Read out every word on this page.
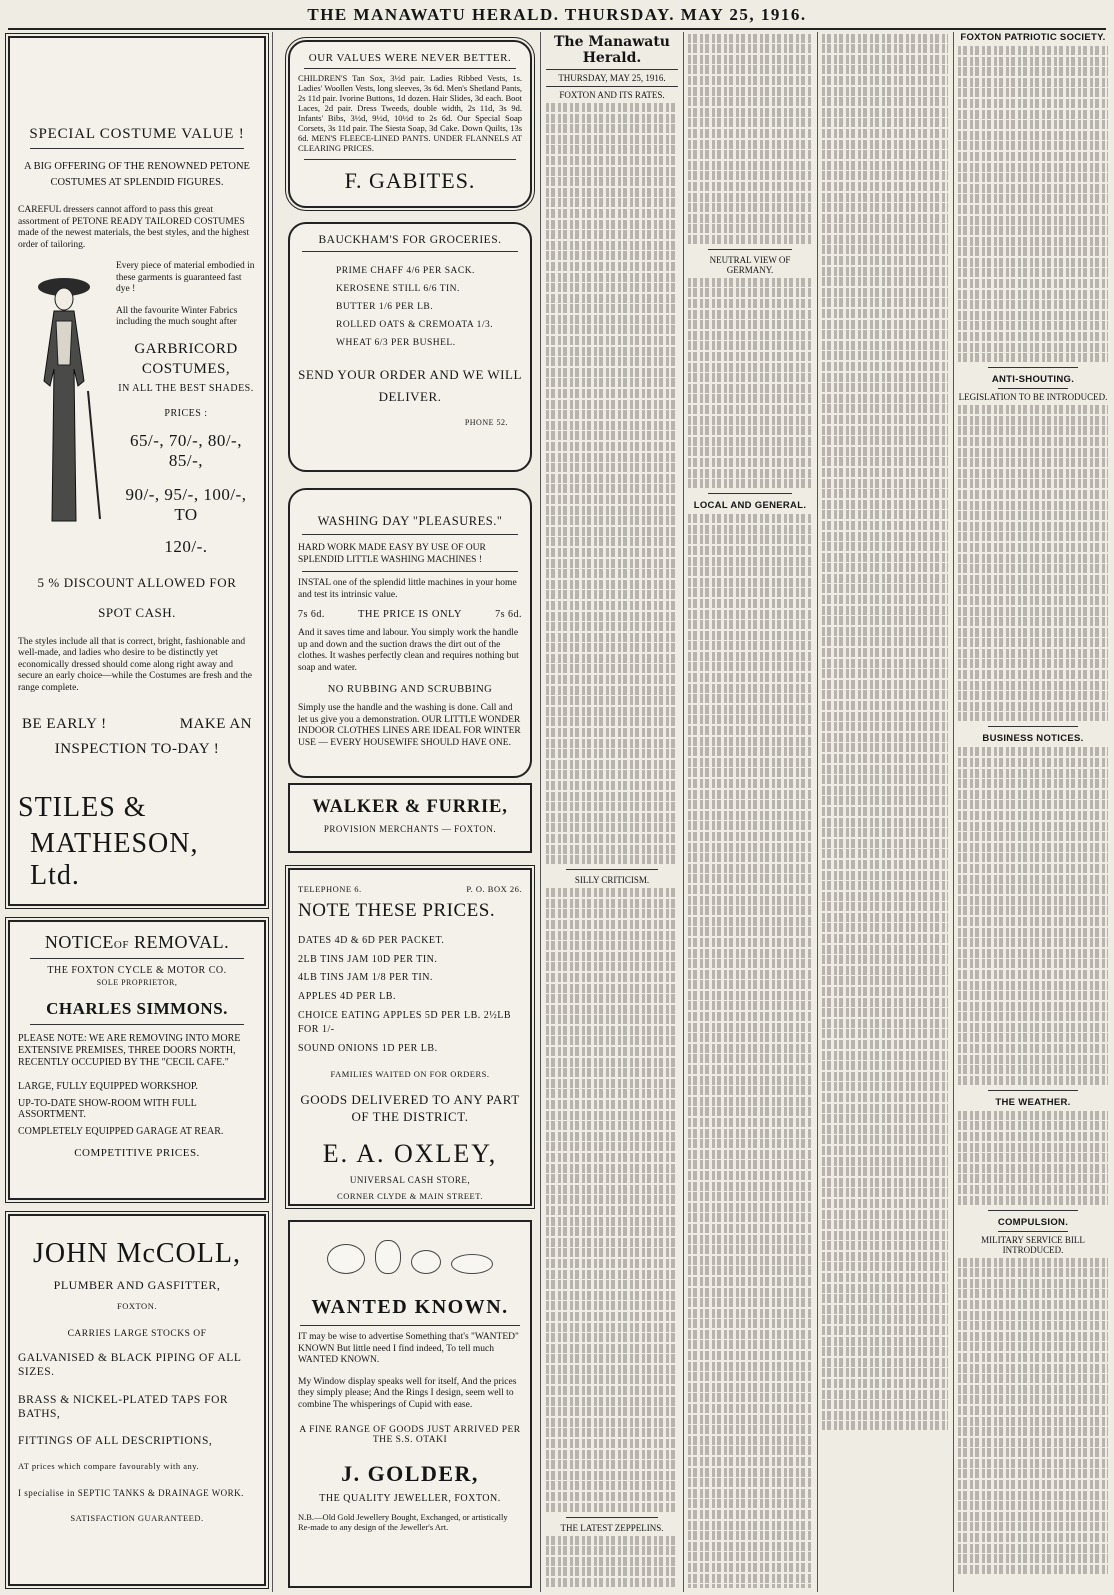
THE MANAWATU HERALD. THURSDAY. MAY 25, 1916.
SPECIAL COSTUME VALUE !
A BIG OFFERING OF THE RENOWNED PETONE COSTUMES AT SPLENDID FIGURES.
CAREFUL dressers cannot afford to pass this great assortment of PETONE READY TAILORED COSTUMES made of the newest materials, the best styles, and the highest order of tailoring.
Every piece of material embodied in these garments is guaranteed fast dye !
All the favourite Winter Fabrics including the much sought after
GARBRICORD COSTUMES,
IN ALL THE BEST SHADES.
PRICES :
65/-, 70/-, 80/-, 85/-,
90/-, 95/-, 100/-, TO
120/-.
5 % DISCOUNT ALLOWED FOR
SPOT CASH.
The styles include all that is correct, bright, fashionable and well-made, and ladies who desire to be distinctly yet economically dressed should come along right away and secure an early choice—while the Costumes are fresh and the range complete.
BE EARLY !	MAKE AN
INSPECTION TO-DAY !
STILES &
MATHESON, Ltd.
NOTICEOF REMOVAL.
THE FOXTON CYCLE & MOTOR CO.
SOLE PROPRIETOR,
CHARLES SIMMONS.
PLEASE NOTE: WE ARE REMOVING INTO MORE EXTENSIVE PREMISES, THREE DOORS NORTH, RECENTLY OCCUPIED BY THE "CECIL CAFE."
LARGE, FULLY EQUIPPED WORKSHOP.
UP-TO-DATE SHOW-ROOM WITH FULL ASSORTMENT.
COMPLETELY EQUIPPED GARAGE AT REAR.
COMPETITIVE PRICES.
JOHN McCOLL,
PLUMBER AND GASFITTER,
FOXTON.
CARRIES LARGE STOCKS OF
GALVANISED & BLACK PIPING OF ALL SIZES.
BRASS & NICKEL-PLATED TAPS FOR BATHS,
FITTINGS OF ALL DESCRIPTIONS,
AT prices which compare favourably with any.
I specialise in SEPTIC TANKS & DRAINAGE WORK.
SATISFACTION GUARANTEED.
OUR VALUES WERE NEVER BETTER.
CHILDREN'S Tan Sox, 3½d pair. Ladies Ribbed Vests, 1s. Ladies' Woollen Vests, long sleeves, 3s 6d. Men's Shetland Pants, 2s 11d pair. Ivorine Buttons, 1d dozen. Hair Slides, 3d each. Boot Laces, 2d pair. Dress Tweeds, double width, 2s 11d, 3s 9d. Infants' Bibs, 3½d, 9½d, 10½d to 2s 6d. Our Special Soap Corsets, 3s 11d pair. The Siesta Soap, 3d Cake. Down Quilts, 13s 6d. MEN'S FLEECE-LINED PANTS. UNDER FLANNELS AT CLEARING PRICES.
F. GABITES.
BAUCKHAM'S FOR GROCERIES.
PRIME CHAFF 4/6 PER SACK.
KEROSENE STILL 6/6 TIN.
BUTTER 1/6 PER LB.
ROLLED OATS & CREMOATA 1/3.
WHEAT 6/3 PER BUSHEL.
SEND YOUR ORDER AND WE WILL DELIVER.
PHONE 52.
WASHING DAY "PLEASURES."
HARD WORK MADE EASY BY USE OF OUR SPLENDID LITTLE WASHING MACHINES !
INSTAL one of the splendid little machines in your home and test its intrinsic value.
7s 6d.	THE PRICE IS ONLY	7s 6d.
And it saves time and labour. You simply work the handle up and down and the suction draws the dirt out of the clothes. It washes perfectly clean and requires nothing but soap and water.
NO RUBBING AND SCRUBBING
Simply use the handle and the washing is done. Call and let us give you a demonstration. OUR LITTLE WONDER INDOOR CLOTHES LINES ARE IDEAL FOR WINTER USE — EVERY HOUSEWIFE SHOULD HAVE ONE.
WALKER & FURRIE,
PROVISION MERCHANTS — FOXTON.
TELEPHONE 6.	P. O. BOX 26.
NOTE THESE PRICES.
DATES 4D & 6D PER PACKET.
2LB TINS JAM 10D PER TIN.
4LB TINS JAM 1/8 PER TIN.
APPLES 4D PER LB.
CHOICE EATING APPLES 5D PER LB. 2½LB FOR 1/-
SOUND ONIONS 1D PER LB.
FAMILIES WAITED ON FOR ORDERS.
GOODS DELIVERED TO ANY PART OF THE DISTRICT.
E. A. OXLEY,
UNIVERSAL CASH STORE,
CORNER CLYDE & MAIN STREET.
WANTED KNOWN.
IT may be wise to advertise Something that's "WANTED" KNOWN But little need I find indeed, To tell much WANTED KNOWN.
My Window display speaks well for itself, And the prices they simply please; And the Rings I design, seem well to combine The whisperings of Cupid with ease.
A FINE RANGE OF GOODS JUST ARRIVED PER THE S.S. OTAKI
J. GOLDER,
THE QUALITY JEWELLER, FOXTON.
N.B.—Old Gold Jewellery Bought, Exchanged, or artistically Re-made to any design of the Jeweller's Art.
The Manawatu Herald.
THURSDAY, MAY 25, 1916.
FOXTON AND ITS RATES.
SILLY CRITICISM.
THE LATEST ZEPPELINS.
NEUTRAL VIEW OF GERMANY.
LOCAL AND GENERAL.
FOXTON PATRIOTIC SOCIETY.
ANTI-SHOUTING.
LEGISLATION TO BE INTRODUCED.
BUSINESS NOTICES.
THE WEATHER.
COMPULSION.
MILITARY SERVICE BILL INTRODUCED.
